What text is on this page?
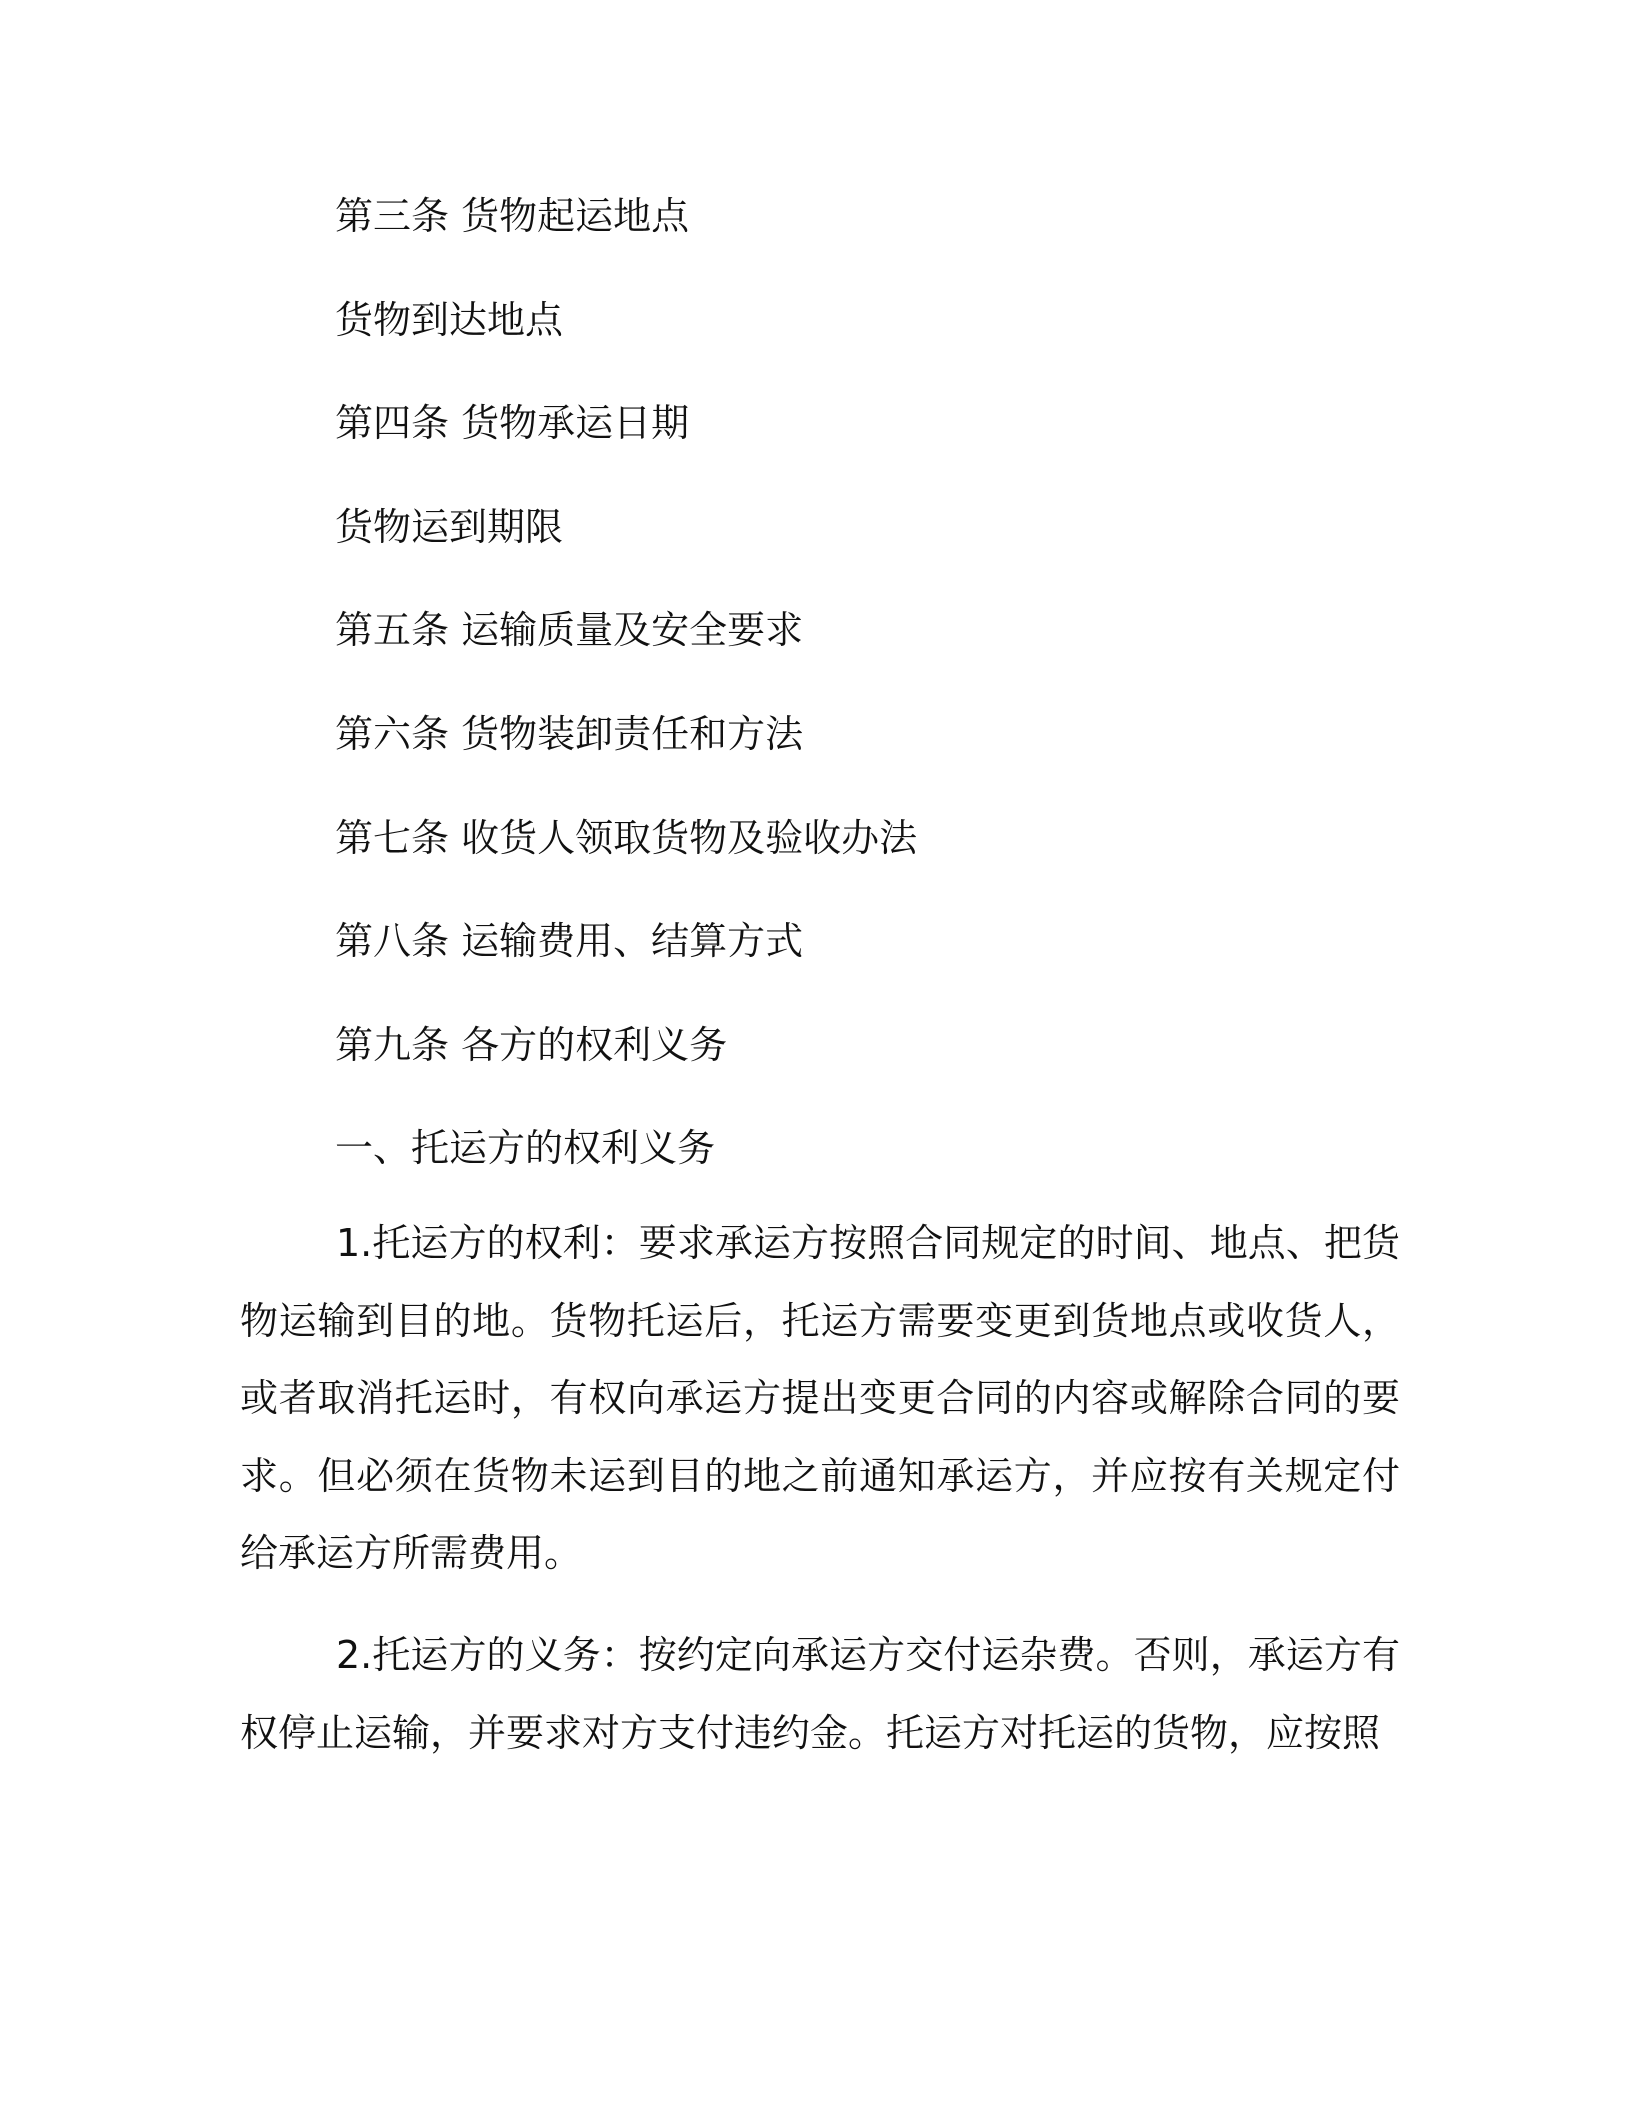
第三条 货物起运地点
货物到达地点
第四条 货物承运日期
货物运到期限
第五条 运输质量及安全要求
第六条 货物装卸责任和方法
第七条 收货人领取货物及验收办法
第八条 运输费用、结算方式
第九条 各方的权利义务
一、托运方的权利义务

1.托运方的权利：要求承运方按照合同规定的时间、地点、把货物运输到目的地。货物托运后，托运方需要变更到货地点或收货人，或者取消托运时，有权向承运方提出变更合同的内容或解除合同的要求。但必须在货物未运到目的地之前通知承运方，并应按有关规定付给承运方所需费用。

2.托运方的义务：按约定向承运方交付运杂费。否则，承运方有权停止运输，并要求对方支付违约金。托运方对托运的货物，应按照
